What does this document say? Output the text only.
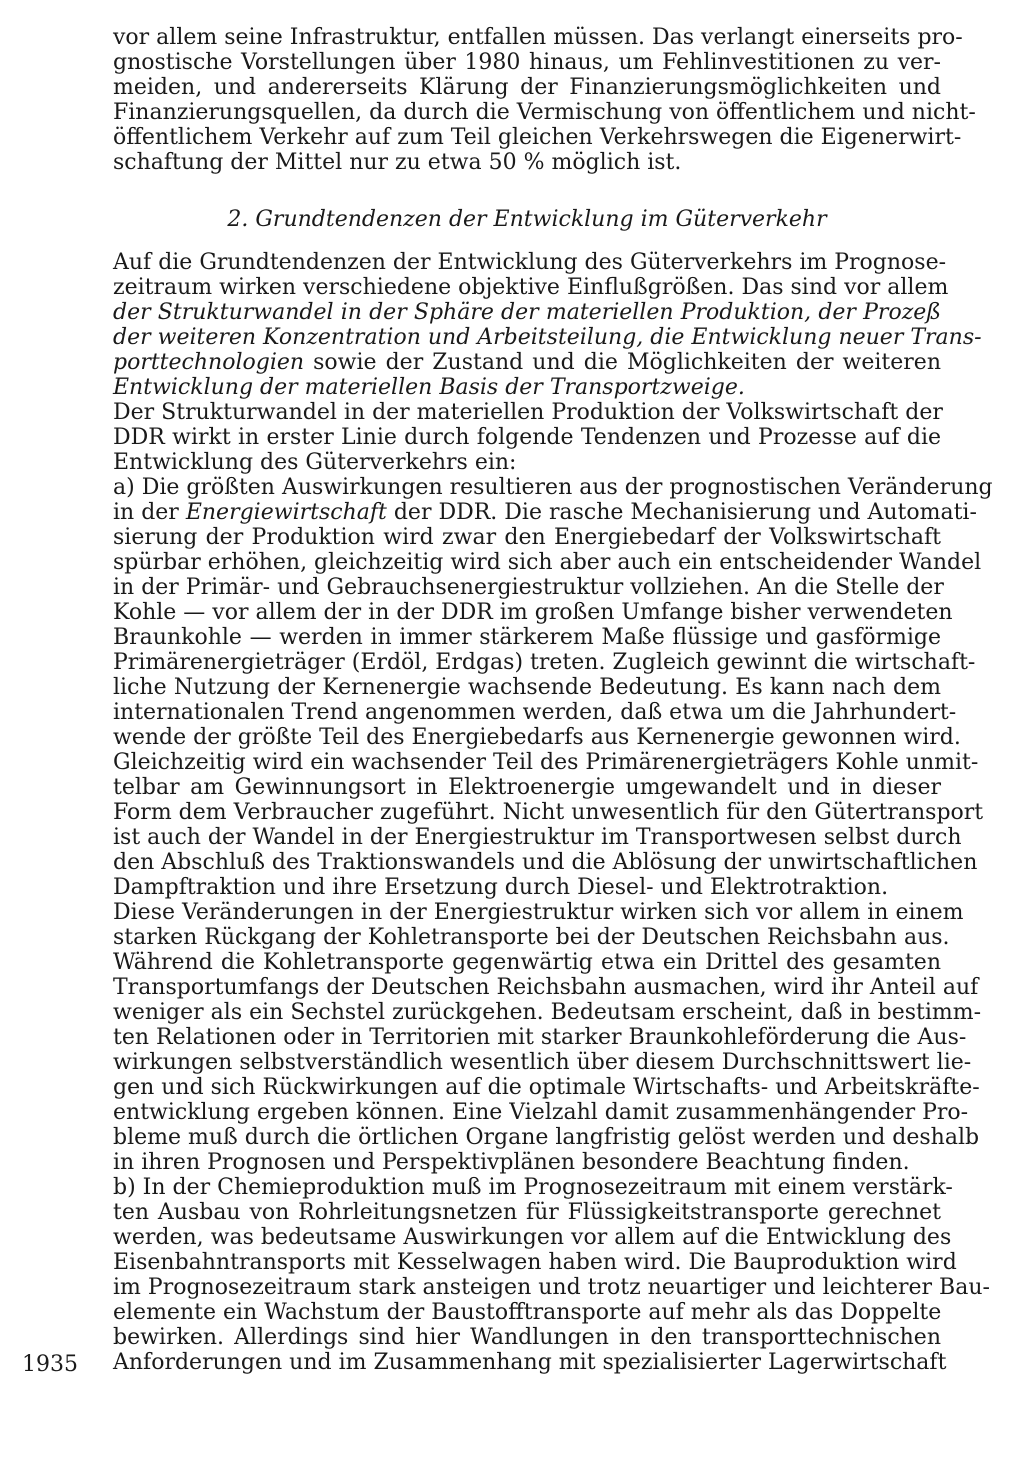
vor allem seine Infrastruktur, entfallen müssen. Das verlangt einerseits pro-
gnostische Vorstellungen über 1980 hinaus, um Fehlinvestitionen zu ver-
meiden, und andererseits Klärung der Finanzierungsmöglichkeiten und
Finanzierungsquellen, da durch die Vermischung von öffentlichem und nicht-
öffentlichem Verkehr auf zum Teil gleichen Verkehrswegen die Eigenerwirt-
schaftung der Mittel nur zu etwa 50 % möglich ist.
2. Grundtendenzen der Entwicklung im Güterverkehr
Auf die Grundtendenzen der Entwicklung des Güterverkehrs im Prognose-
zeitraum wirken verschiedene objektive Einflußgrößen. Das sind vor allem
der Strukturwandel in der Sphäre der materiellen Produktion, der Prozeß
der weiteren Konzentration und Arbeitsteilung, die Entwicklung neuer Trans-
porttechnologien sowie der Zustand und die Möglichkeiten der weiteren
Entwicklung der materiellen Basis der Transportzweige.
Der Strukturwandel in der materiellen Produktion der Volkswirtschaft der
DDR wirkt in erster Linie durch folgende Tendenzen und Prozesse auf die
Entwicklung des Güterverkehrs ein:
a) Die größten Auswirkungen resultieren aus der prognostischen Veränderung
in der Energiewirtschaft der DDR. Die rasche Mechanisierung und Automati-
sierung der Produktion wird zwar den Energiebedarf der Volkswirtschaft
spürbar erhöhen, gleichzeitig wird sich aber auch ein entscheidender Wandel
in der Primär- und Gebrauchsenergiestruktur vollziehen. An die Stelle der
Kohle — vor allem der in der DDR im großen Umfange bisher verwendeten
Braunkohle — werden in immer stärkerem Maße flüssige und gasförmige
Primärenergieträger (Erdöl, Erdgas) treten. Zugleich gewinnt die wirtschaft-
liche Nutzung der Kernenergie wachsende Bedeutung. Es kann nach dem
internationalen Trend angenommen werden, daß etwa um die Jahrhundert-
wende der größte Teil des Energiebedarfs aus Kernenergie gewonnen wird.
Gleichzeitig wird ein wachsender Teil des Primärenergieträgers Kohle unmit-
telbar am Gewinnungsort in Elektroenergie umgewandelt und in dieser
Form dem Verbraucher zugeführt. Nicht unwesentlich für den Gütertransport
ist auch der Wandel in der Energiestruktur im Transportwesen selbst durch
den Abschluß des Traktionswandels und die Ablösung der unwirtschaftlichen
Dampftraktion und ihre Ersetzung durch Diesel- und Elektrotraktion.
Diese Veränderungen in der Energiestruktur wirken sich vor allem in einem
starken Rückgang der Kohletransporte bei der Deutschen Reichsbahn aus.
Während die Kohletransporte gegenwärtig etwa ein Drittel des gesamten
Transportumfangs der Deutschen Reichsbahn ausmachen, wird ihr Anteil auf
weniger als ein Sechstel zurückgehen. Bedeutsam erscheint, daß in bestimm-
ten Relationen oder in Territorien mit starker Braunkohleförderung die Aus-
wirkungen selbstverständlich wesentlich über diesem Durchschnittswert lie-
gen und sich Rückwirkungen auf die optimale Wirtschafts- und Arbeitskräfte-
entwicklung ergeben können. Eine Vielzahl damit zusammenhängender Pro-
bleme muß durch die örtlichen Organe langfristig gelöst werden und deshalb
in ihren Prognosen und Perspektivplänen besondere Beachtung finden.
b) In der Chemieproduktion muß im Prognosezeitraum mit einem verstärk-
ten Ausbau von Rohrleitungsnetzen für Flüssigkeitstransporte gerechnet
werden, was bedeutsame Auswirkungen vor allem auf die Entwicklung des
Eisenbahntransports mit Kesselwagen haben wird. Die Bauproduktion wird
im Prognosezeitraum stark ansteigen und trotz neuartiger und leichterer Bau-
elemente ein Wachstum der Baustofftransporte auf mehr als das Doppelte
bewirken. Allerdings sind hier Wandlungen in den transporttechnischen
Anforderungen und im Zusammenhang mit spezialisierter Lagerwirtschaft
1935
